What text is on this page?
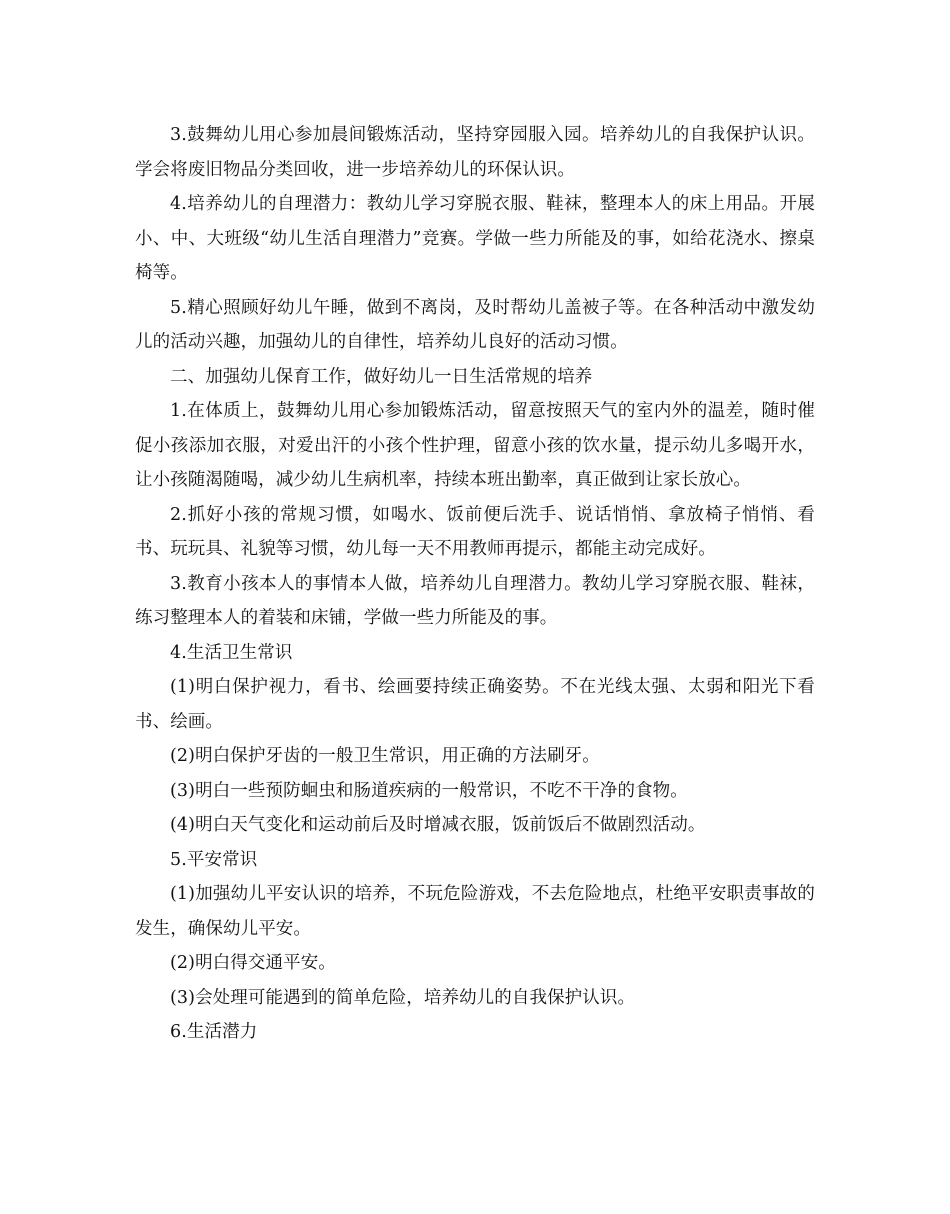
3.鼓舞幼儿用心参加晨间锻炼活动，坚持穿园服入园。培养幼儿的自我保护认识。学会将废旧物品分类回收，进一步培养幼儿的环保认识。

4.培养幼儿的自理潜力：教幼儿学习穿脱衣服、鞋袜，整理本人的床上用品。开展小、中、大班级“幼儿生活自理潜力”竞赛。学做一些力所能及的事，如给花浇水、擦桌椅等。

5.精心照顾好幼儿午睡，做到不离岗，及时帮幼儿盖被子等。在各种活动中激发幼儿的活动兴趣，加强幼儿的自律性，培养幼儿良好的活动习惯。

二、加强幼儿保育工作，做好幼儿一日生活常规的培养

1.在体质上，鼓舞幼儿用心参加锻炼活动，留意按照天气的室内外的温差，随时催促小孩添加衣服，对爱出汗的小孩个性护理，留意小孩的饮水量，提示幼儿多喝开水，让小孩随渴随喝，减少幼儿生病机率，持续本班出勤率，真正做到让家长放心。

2.抓好小孩的常规习惯，如喝水、饭前便后洗手、说话悄悄、拿放椅子悄悄、看书、玩玩具、礼貌等习惯，幼儿每一天不用教师再提示，都能主动完成好。

3.教育小孩本人的事情本人做，培养幼儿自理潜力。教幼儿学习穿脱衣服、鞋袜，练习整理本人的着装和床铺，学做一些力所能及的事。

4.生活卫生常识

(1)明白保护视力，看书、绘画要持续正确姿势。不在光线太强、太弱和阳光下看书、绘画。

(2)明白保护牙齿的一般卫生常识，用正确的方法刷牙。

(3)明白一些预防蛔虫和肠道疾病的一般常识，不吃不干净的食物。

(4)明白天气变化和运动前后及时增减衣服，饭前饭后不做剧烈活动。

5.平安常识

(1)加强幼儿平安认识的培养，不玩危险游戏，不去危险地点，杜绝平安职责事故的发生，确保幼儿平安。

(2)明白得交通平安。

(3)会处理可能遇到的简单危险，培养幼儿的自我保护认识。

6.生活潜力
